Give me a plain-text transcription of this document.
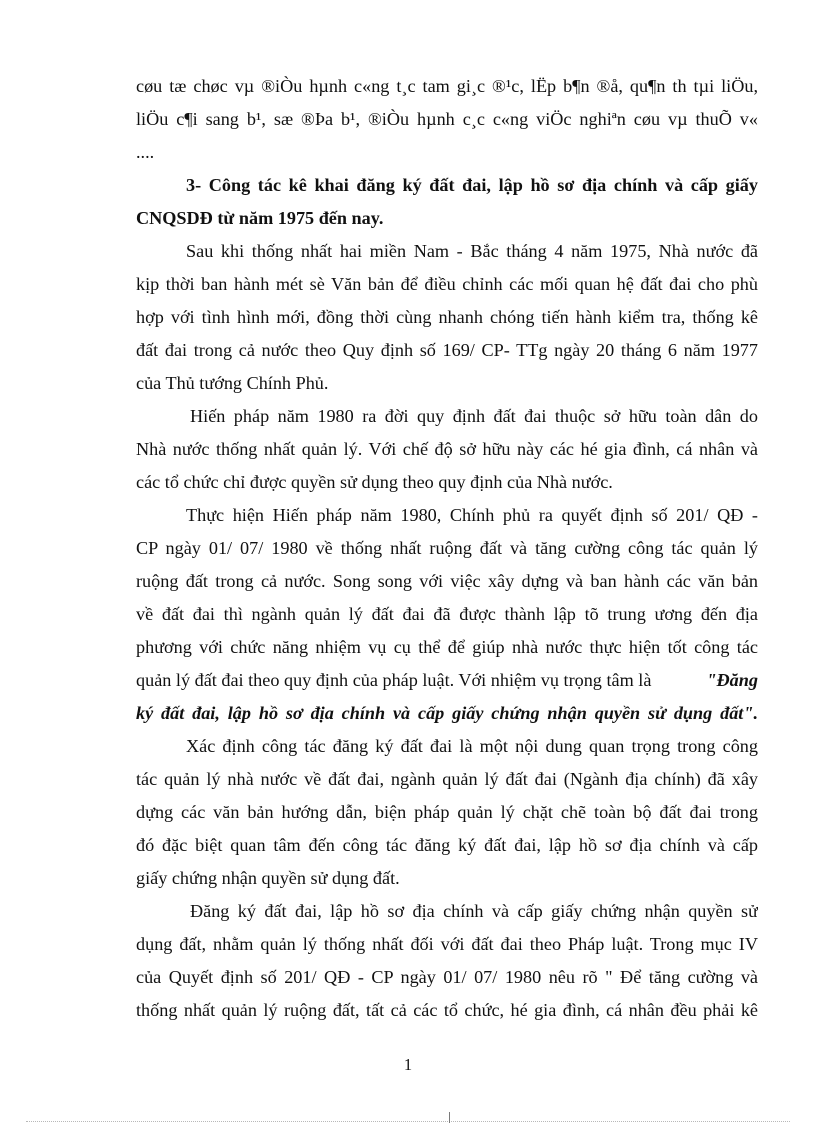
cøu tæ chøc vµ ®iÒu hµnh c«ng t¸c tam gi¸c ®¹c, lËp b¶n ®å, qu¶n th tµi liÖu,
liÖu c¶i sang b¹, sæ ®Þa b¹, ®iÒu hµnh c¸c c«ng viÖc nghiªn cøu vµ thuÕ v«
....
3- Công tác kê khai đăng ký đất đai, lập hồ sơ địa chính và cấp giấy
CNQSDĐ từ năm 1975 đến nay.
Sau khi thống nhất hai miền Nam - Bắc tháng 4 năm 1975, Nhà nước đã
kịp thời ban hành mét sè Văn bản để điều chỉnh các mối quan hệ đất đai cho phù
hợp với tình hình mới, đồng thời cùng nhanh chóng tiến hành kiểm tra, thống kê
đất đai trong cả nước theo Quy định số 169/ CP- TTg ngày 20 tháng 6 năm 1977
của Thủ tướng Chính Phủ.
Hiến pháp năm 1980 ra đời quy định đất đai thuộc sở hữu toàn dân do
Nhà nước thống nhất quản lý. Với chế độ sở hữu này các hé gia đình, cá nhân và
các tổ chức chỉ được quyền sử dụng theo quy định của Nhà nước.
Thực hiện Hiến pháp năm 1980, Chính phủ ra quyết định số 201/ QĐ -
CP ngày 01/ 07/ 1980 về thống nhất ruộng đất và tăng cường công tác quản lý
ruộng đất trong cả nước. Song song với việc xây dựng và ban hành các văn bản
về đất đai thì ngành quản lý đất đai đã được thành lập tõ trung ương đến địa
phương với chức năng nhiệm vụ cụ thể để giúp nhà nước thực hiện tốt công tác
quản lý đất đai theo quy định của pháp luật. Với nhiệm vụ trọng tâm là	"Đăng
ký đất đai, lập hồ sơ địa chính và cấp giấy chứng nhận quyền sử dụng đất".
Xác định công tác đăng ký đất đai là một nội dung quan trọng trong công
tác quản lý nhà nước về đất đai, ngành quản lý đất đai (Ngành địa chính) đã xây
dựng các văn bản hướng dẫn, biện pháp quản lý chặt chẽ toàn bộ đất đai trong
đó đặc biệt quan tâm đến công tác đăng ký đất đai, lập hồ sơ địa chính và cấp
giấy chứng nhận quyền sử dụng đất.
Đăng ký đất đai, lập hồ sơ địa chính và cấp giấy chứng nhận quyền sử
dụng đất, nhằm quản lý thống nhất đối với đất đai theo Pháp luật. Trong mục IV
của Quyết định số 201/ QĐ - CP ngày 01/ 07/ 1980 nêu rõ " Để tăng cường và
thống nhất quản lý ruộng đất, tất cả các tổ chức, hé gia đình, cá nhân đều phải kê
1
